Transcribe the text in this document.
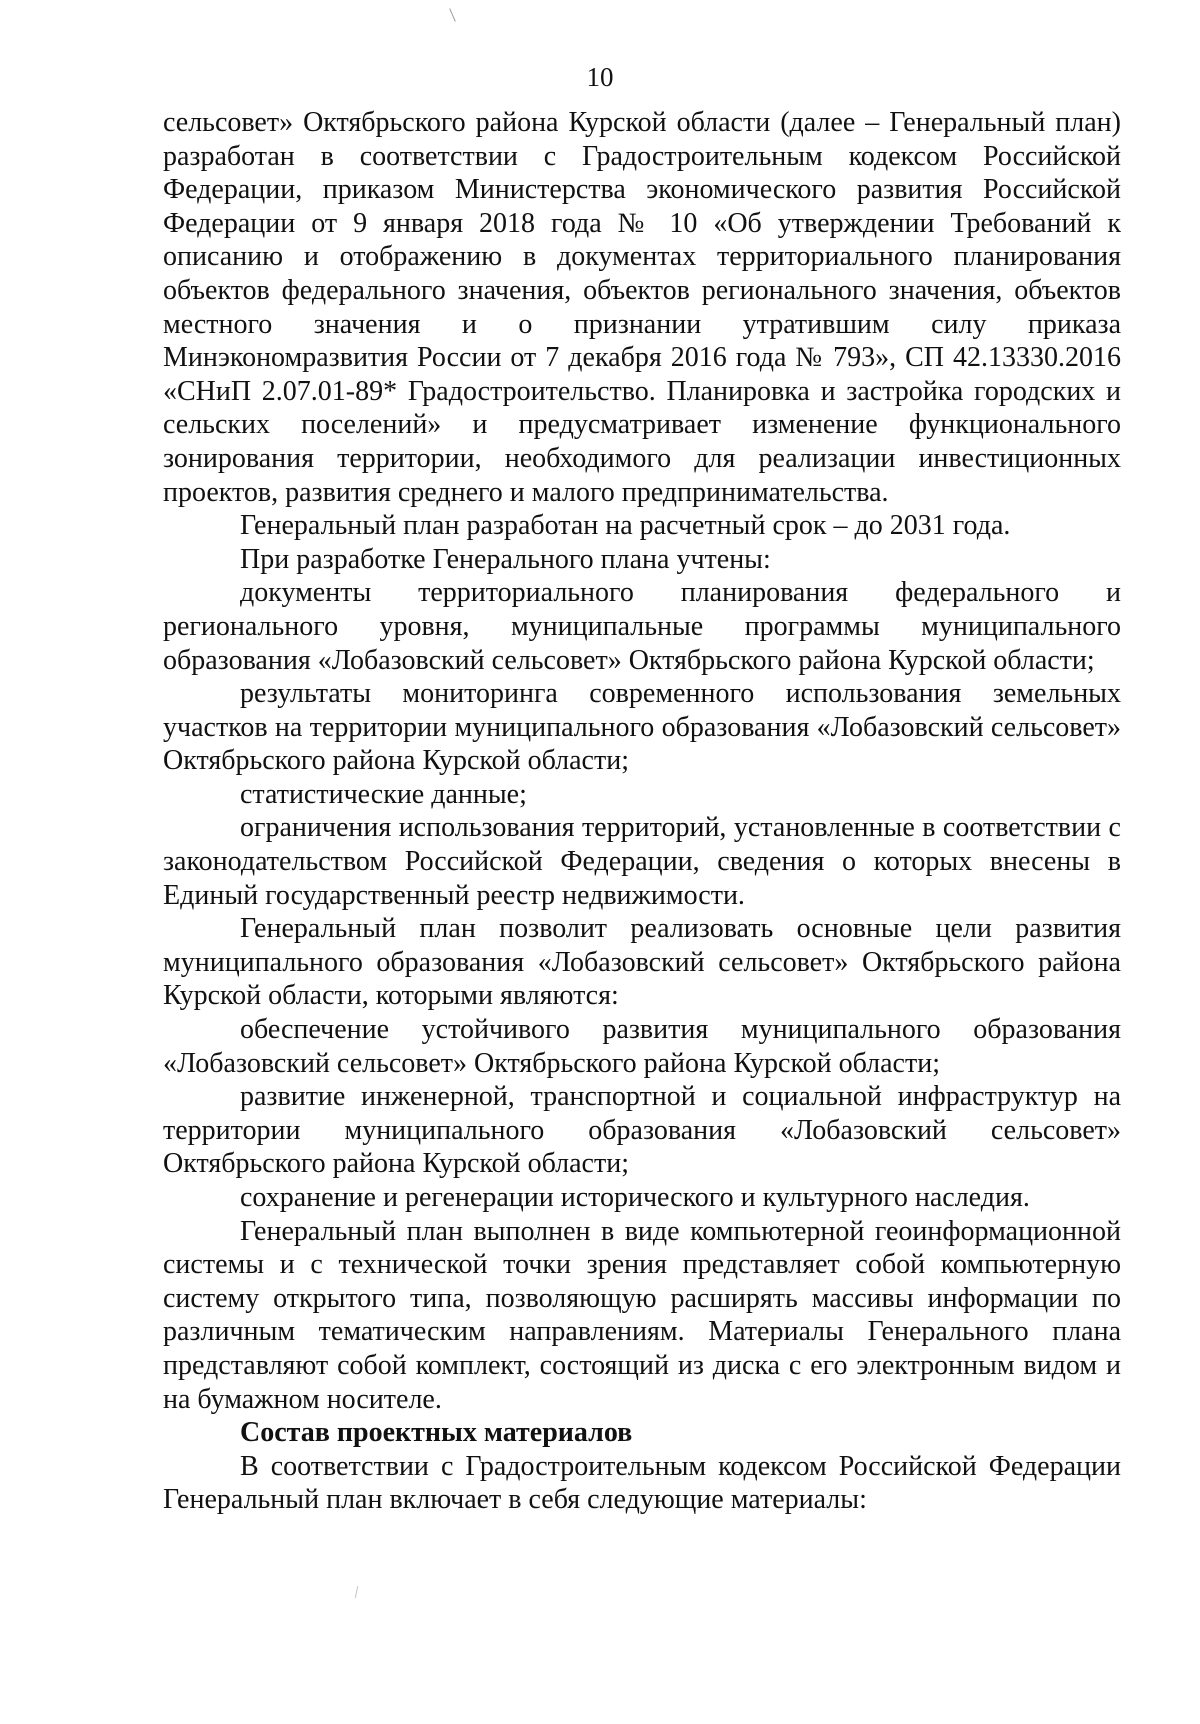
10

сельсовет» Октябрьского района Курской области (далее – Генеральный план) разработан в соответствии с Градостроительным кодексом Российской Федерации, приказом Министерства экономического развития Российской Федерации от 9 января 2018 года № 10 «Об утверждении Требований к описанию и отображению в документах территориального планирования объектов федерального значения, объектов регионального значения, объектов местного значения и о признании утратившим силу приказа Минэкономразвития России от 7 декабря 2016 года № 793», СП 42.13330.2016 «СНиП 2.07.01-89* Градостроительство. Планировка и застройка городских и сельских поселений» и предусматривает изменение функционального зонирования территории, необходимого для реализации инвестиционных проектов, развития среднего и малого предпринимательства.

Генеральный план разработан на расчетный срок – до 2031 года.

При разработке Генерального плана учтены:

документы территориального планирования федерального и регионального уровня, муниципальные программы муниципального образования «Лобазовский сельсовет» Октябрьского района Курской области;

результаты мониторинга современного использования земельных участков на территории муниципального образования «Лобазовский сельсовет» Октябрьского района Курской области;

статистические данные;

ограничения использования территорий, установленные в соответствии с законодательством Российской Федерации, сведения о которых внесены в Единый государственный реестр недвижимости.

Генеральный план позволит реализовать основные цели развития муниципального образования «Лобазовский сельсовет» Октябрьского района Курской области, которыми являются:

обеспечение устойчивого развития муниципального образования «Лобазовский сельсовет» Октябрьского района Курской области;

развитие инженерной, транспортной и социальной инфраструктур на территории муниципального образования «Лобазовский сельсовет» Октябрьского района Курской области;

сохранение и регенерации исторического и культурного наследия.

Генеральный план выполнен в виде компьютерной геоинформационной системы и с технической точки зрения представляет собой компьютерную систему открытого типа, позволяющую расширять массивы информации по различным тематическим направлениям. Материалы Генерального плана представляют собой комплект, состоящий из диска с его электронным видом и на бумажном носителе.

Состав проектных материалов

В соответствии с Градостроительным кодексом Российской Федерации Генеральный план включает в себя следующие материалы:
